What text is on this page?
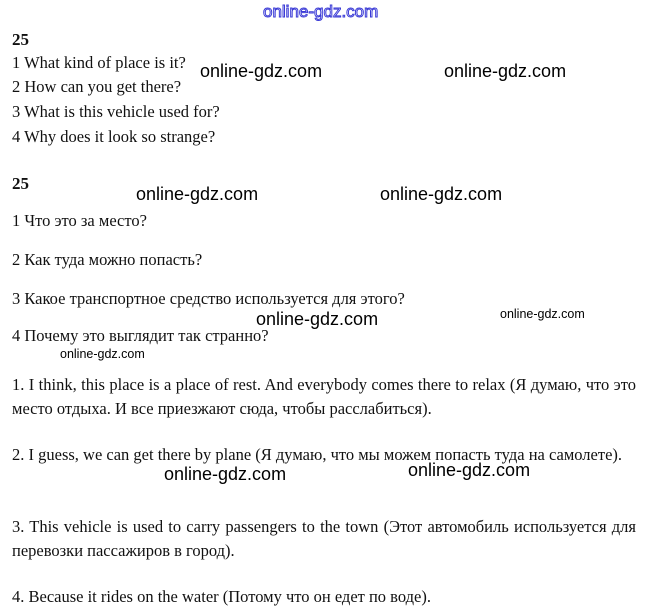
online-gdz.com
25
1 What kind of place is it?
2 How can you get there?
3 What is this vehicle used for?
4 Why does it look so strange?
25
1 Что это за место?
2 Как туда можно попасть?
3 Какое транспортное средство используется для этого?
4 Почему это выглядит так странно?
1. I think, this place is a place of rest. And everybody comes there to relax (Я думаю, что это место отдыха. И все приезжают сюда, чтобы расслабиться).
2. I guess, we can get there by plane (Я думаю, что мы можем попасть туда на самолете).
3. This vehicle is used to carry passengers to the town (Этот автомобиль используется для перевозки пассажиров в город).
4. Because it rides on the water (Потому что он едет по воде).
online-gdz.com	online-gdz.com
online-gdz.com	online-gdz.com
online-gdz.com	online-gdz.com
online-gdz.com
online-gdz.com	online-gdz.com
